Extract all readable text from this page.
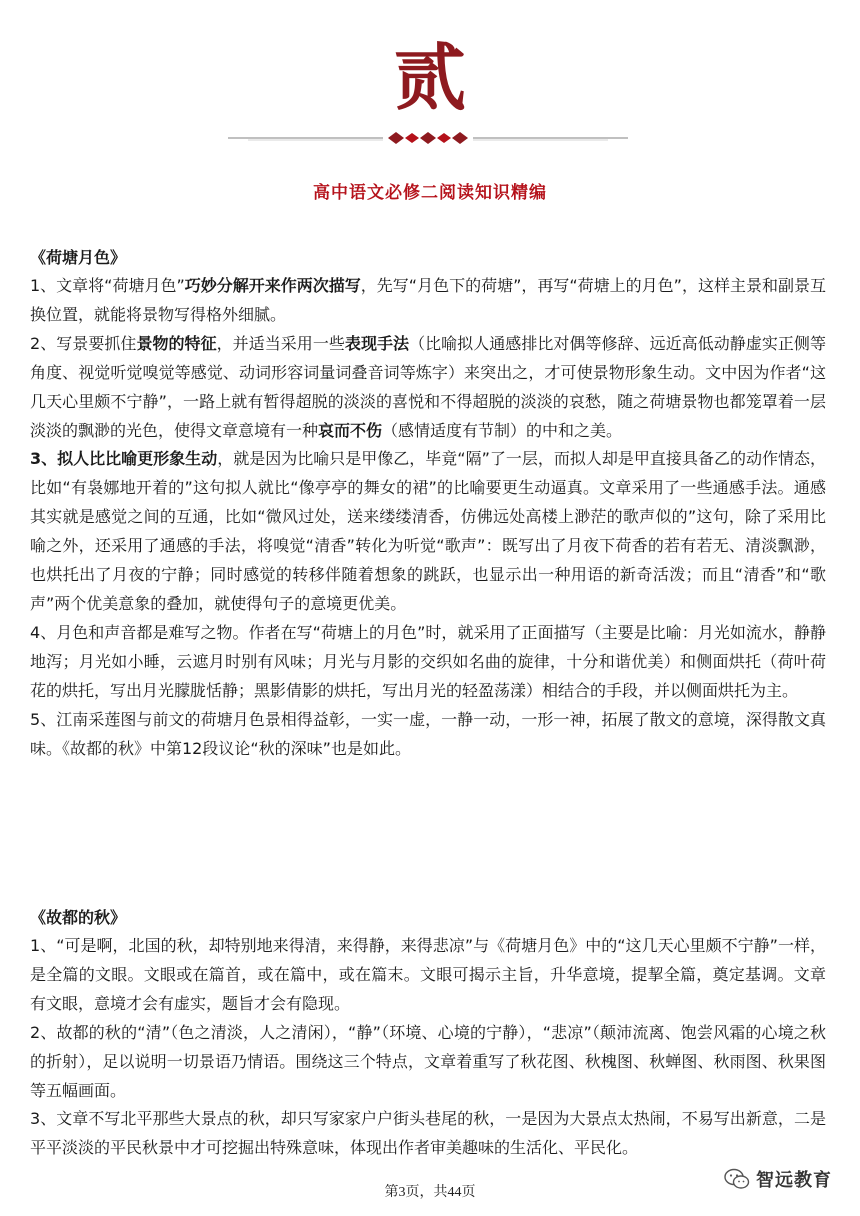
贰
高中语文必修二阅读知识精编
《荷塘月色》

1、文章将“荷塘月色”巧妙分解开来作两次描写，先写“月色下的荷塘”，再写“荷塘上的月色”，这样主景和副景互换位置，就能将景物写得格外细腻。

2、写景要抓住景物的特征，并适当采用一些表现手法（比喻拟人通感排比对偶等修辞、远近高低动静虚实正侧等角度、视觉听觉嗅觉等感觉、动词形容词量词叠音词等炼字）来突出之，才可使景物形象生动。文中因为作者“这几天心里颇不宁静”，一路上就有暂得超脱的淡淡的喜悦和不得超脱的淡淡的哀愁，随之荷塘景物也都笼罩着一层淡淡的飘渺的光色，使得文章意境有一种哀而不伤（感情适度有节制）的中和之美。

3、拟人比比喻更形象生动，就是因为比喻只是甲像乙，毕竟“隔”了一层，而拟人却是甲直接具备乙的动作情态，比如“有袅娜地开着的”这句拟人就比“像亭亭的舞女的裙”的比喻要更生动逼真。文章采用了一些通感手法。通感其实就是感觉之间的互通，比如“微风过处，送来缕缕清香，仿佛远处高楼上渺茫的歌声似的”这句，除了采用比喻之外，还采用了通感的手法，将嗅觉“清香”转化为听觉“歌声”：既写出了月夜下荷香的若有若无、清淡飘渺，也烘托出了月夜的宁静；同时感觉的转移伴随着想象的跳跃，也显示出一种用语的新奇活泼；而且“清香”和“歌声”两个优美意象的叠加，就使得句子的意境更优美。

4、月色和声音都是难写之物。作者在写“荷塘上的月色”时，就采用了正面描写（主要是比喻：月光如流水，静静地泻；月光如小睡，云遮月时别有风味；月光与月影的交织如名曲的旋律，十分和谐优美）和侧面烘托（荷叶荷花的烘托，写出月光朦胧恬静；黑影倩影的烘托，写出月光的轻盈荡漾）相结合的手段，并以侧面烘托为主。

5、江南采莲图与前文的荷塘月色景相得益彰，一实一虚，一静一动，一形一神，拓展了散文的意境，深得散文真味。《故都的秋》中第12段议论“秋的深味”也是如此。

《故都的秋》

1、“可是啊，北国的秋，却特别地来得清，来得静，来得悲凉”与《荷塘月色》中的“这几天心里颇不宁静”一样，是全篇的文眼。文眼或在篇首，或在篇中，或在篇末。文眼可揭示主旨，升华意境，提挈全篇，奠定基调。文章有文眼，意境才会有虚实，题旨才会有隐现。

2、故都的秋的“清”（色之清淡，人之清闲），“静”（环境、心境的宁静），“悲凉”（颠沛流离、饱尝风霜的心境之秋的折射），足以说明一切景语乃情语。围绕这三个特点，文章着重写了秋花图、秋槐图、秋蝉图、秋雨图、秋果图等五幅画面。

3、文章不写北平那些大景点的秋，却只写家家户户街头巷尾的秋，一是因为大景点太热闹，不易写出新意，二是平平淡淡的平民秋景中才可挖掘出特殊意味，体现出作者审美趣味的生活化、平民化。

第3页，共44页
智远教育
